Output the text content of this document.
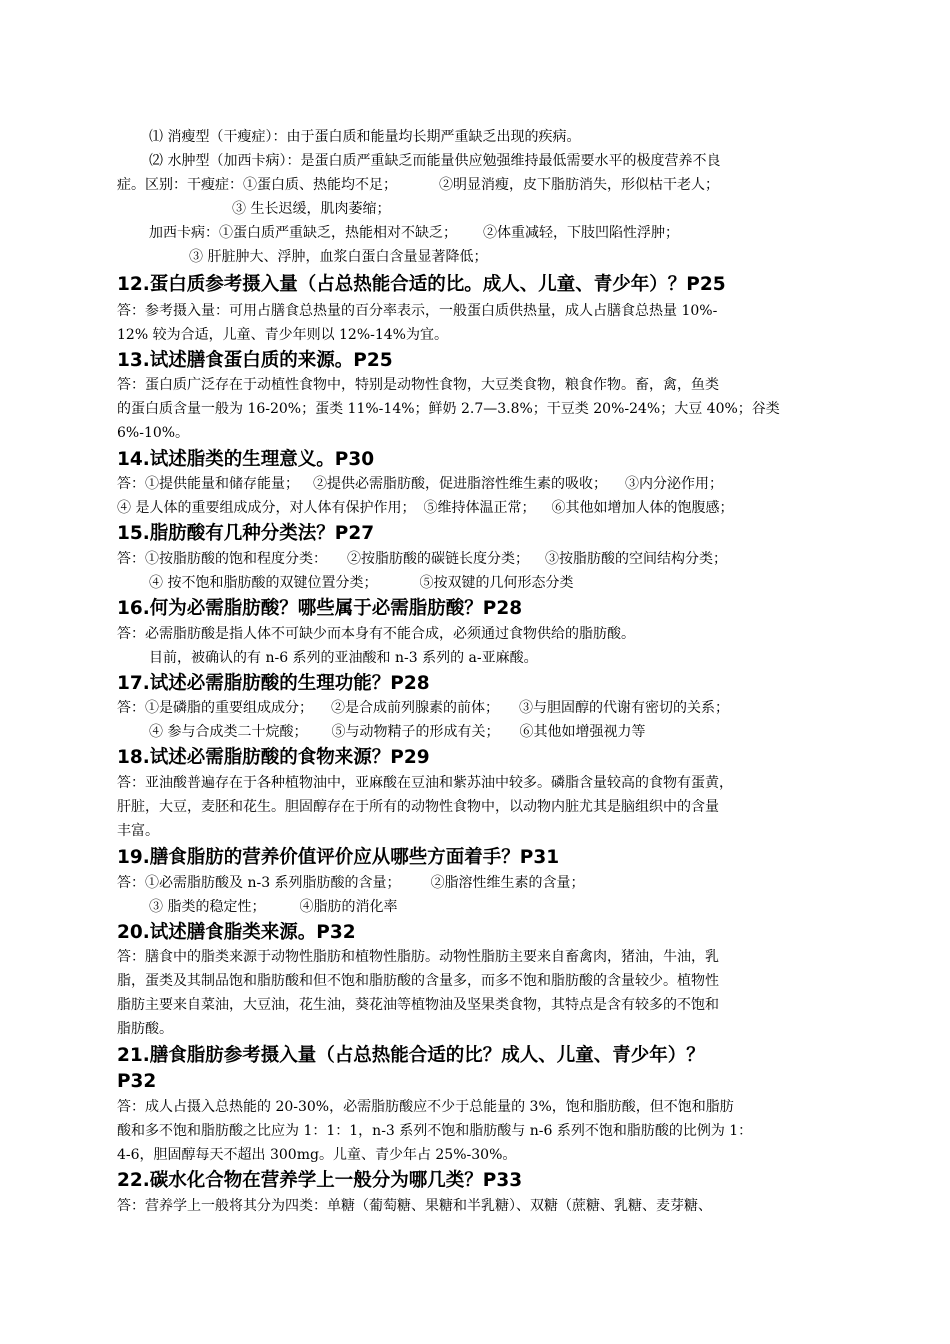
⑴ 消瘦型（干瘦症）：由于蛋白质和能量均长期严重缺乏出现的疾病。
⑵ 水肿型（加西卡病）：是蛋白质严重缺乏而能量供应勉强维持最低需要水平的极度营养不良
症。区别：干瘦症：①蛋白质、热能均不足；	②明显消瘦，皮下脂肪消失，形似枯干老人；
③ 生长迟缓，肌肉萎缩；
加西卡病：①蛋白质严重缺乏，热能相对不缺乏； ②体重减轻，下肢凹陷性浮肿；
③ 肝脏肿大、浮肿，血浆白蛋白含量显著降低；
12.蛋白质参考摄入量（占总热能合适的比。成人、儿童、青少年）？P25
答：参考摄入量：可用占膳食总热量的百分率表示，一般蛋白质供热量，成人占膳食总热量 10%-
12% 较为合适，儿童、青少年则以 12%-14%为宜。
13.试述膳食蛋白质的来源。P25
答：蛋白质广泛存在于动植性食物中，特别是动物性食物，大豆类食物，粮食作物。畜，禽，鱼类
的蛋白质含量一般为 16-20%；蛋类 11%-14%；鲜奶 2.7—3.8%；干豆类 20%-24%；大豆 40%；谷类
6%-10%。
14.试述脂类的生理意义。P30
答：①提供能量和储存能量； ②提供必需脂肪酸，促进脂溶性维生素的吸收； ③内分泌作用；
④ 是人体的重要组成成分，对人体有保护作用； ⑤维持体温正常； ⑥其他如增加人体的饱腹感；
15.脂肪酸有几种分类法？P27
答：①按脂肪酸的饱和程度分类： ②按脂肪酸的碳链长度分类； ③按脂肪酸的空间结构分类；
④ 按不饱和脂肪酸的双键位置分类；	⑤按双键的几何形态分类
16.何为必需脂肪酸？哪些属于必需脂肪酸？P28
答：必需脂肪酸是指人体不可缺少而本身有不能合成，必须通过食物供给的脂肪酸。
目前，被确认的有 n-6 系列的亚油酸和 n-3 系列的 a-亚麻酸。
17.试述必需脂肪酸的生理功能？P28
答：①是磷脂的重要组成成分； ②是合成前列腺素的前体； ③与胆固醇的代谢有密切的关系；
④ 参与合成类二十烷酸； ⑤与动物精子的形成有关； ⑥其他如增强视力等
18.试述必需脂肪酸的食物来源？P29
答：亚油酸普遍存在于各种植物油中，亚麻酸在豆油和紫苏油中较多。磷脂含量较高的食物有蛋黄，
肝脏，大豆，麦胚和花生。胆固醇存在于所有的动物性食物中，以动物内脏尤其是脑组织中的含量
丰富。
19.膳食脂肪的营养价值评价应从哪些方面着手？P31
答：①必需脂肪酸及 n-3 系列脂肪酸的含量； ②脂溶性维生素的含量；
③ 脂类的稳定性； ④脂肪的消化率
20.试述膳食脂类来源。P32
答：膳食中的脂类来源于动物性脂肪和植物性脂肪。动物性脂肪主要来自畜禽肉，猪油，牛油，乳
脂，蛋类及其制品饱和脂肪酸和但不饱和脂肪酸的含量多，而多不饱和脂肪酸的含量较少。植物性
脂肪主要来自菜油，大豆油，花生油，葵花油等植物油及坚果类食物，其特点是含有较多的不饱和
脂肪酸。
21.膳食脂肪参考摄入量（占总热能合适的比？成人、儿童、青少年）？
P32
答：成人占摄入总热能的 20-30%，必需脂肪酸应不少于总能量的 3%，饱和脂肪酸，但不饱和脂肪
酸和多不饱和脂肪酸之比应为 1：1：1，n-3 系列不饱和脂肪酸与 n-6 系列不饱和脂肪酸的比例为 1：
4-6，胆固醇每天不超出 300mg。儿童、青少年占 25%-30%。
22.碳水化合物在营养学上一般分为哪几类？P33
答：营养学上一般将其分为四类：单糖（葡萄糖、果糖和半乳糖）、双糖（蔗糖、乳糖、麦芽糖、
